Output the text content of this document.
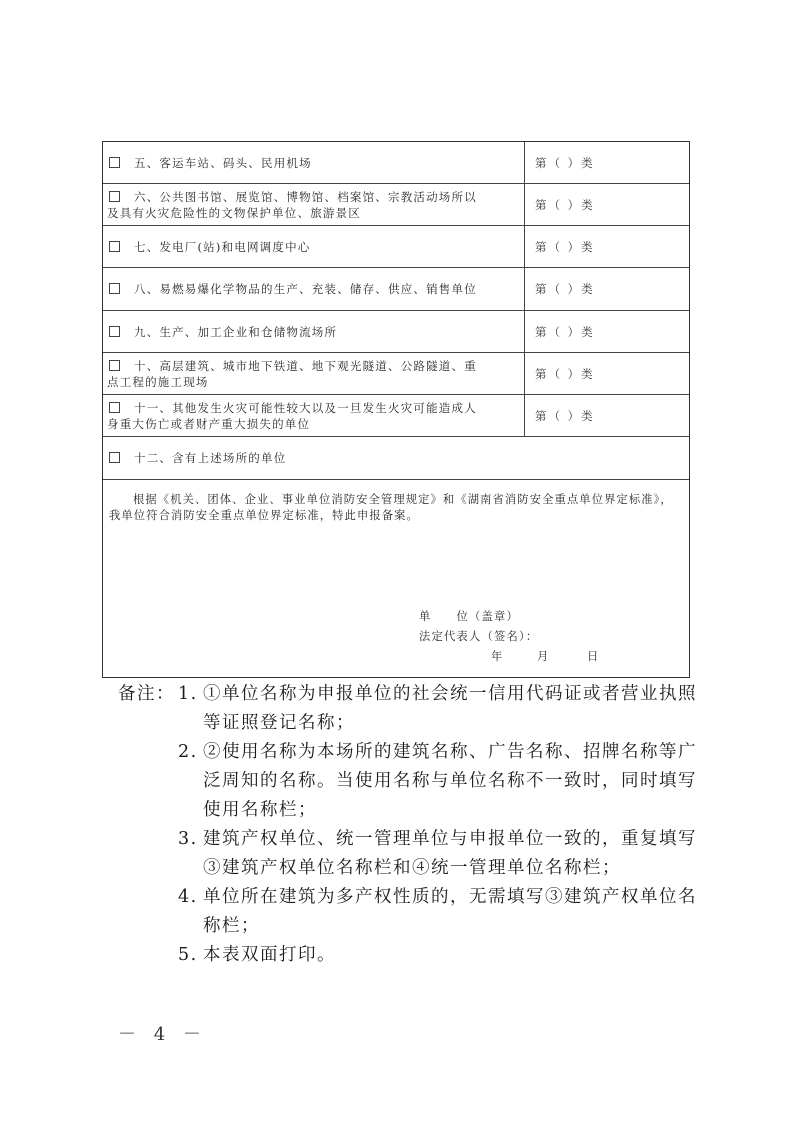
五、客运车站、码头、民用机场	第（ ）类
六、公共图书馆、展览馆、博物馆、档案馆、宗教活动场所以
及具有火灾危险性的文物保护单位、旅游景区
第（ ）类
七、发电厂(站)和电网调度中心	第（ ）类
八、易燃易爆化学物品的生产、充装、储存、供应、销售单位	第（ ）类
九、生产、加工企业和仓储物流场所	第（ ）类
十、高层建筑、城市地下铁道、地下观光隧道、公路隧道、重
点工程的施工现场
第（ ）类
十一、其他发生火灾可能性较大以及一旦发生火灾可能造成人
身重大伤亡或者财产重大损失的单位
第（ ）类
十二、含有上述场所的单位
根据《机关、团体、企业、事业单位消防安全管理规定》和《湖南省消防安全重点单位界定标准》，我单位符合消防安全重点单位界定标准，特此申报备案。
单　　位（盖章）
法定代表人（签名）：
年	月	日
备注： 1. ①单位名称为申报单位的社会统一信用代码证或者营业执照
等证照登记名称；
2. ②使用名称为本场所的建筑名称、广告名称、招牌名称等广
泛周知的名称。当使用名称与单位名称不一致时，同时填写
使用名称栏；
3. 建筑产权单位、统一管理单位与申报单位一致的，重复填写
③建筑产权单位名称栏和④统一管理单位名称栏；
4. 单位所在建筑为多产权性质的，无需填写③建筑产权单位名
称栏；
5. 本表双面打印。
－ 4 －
